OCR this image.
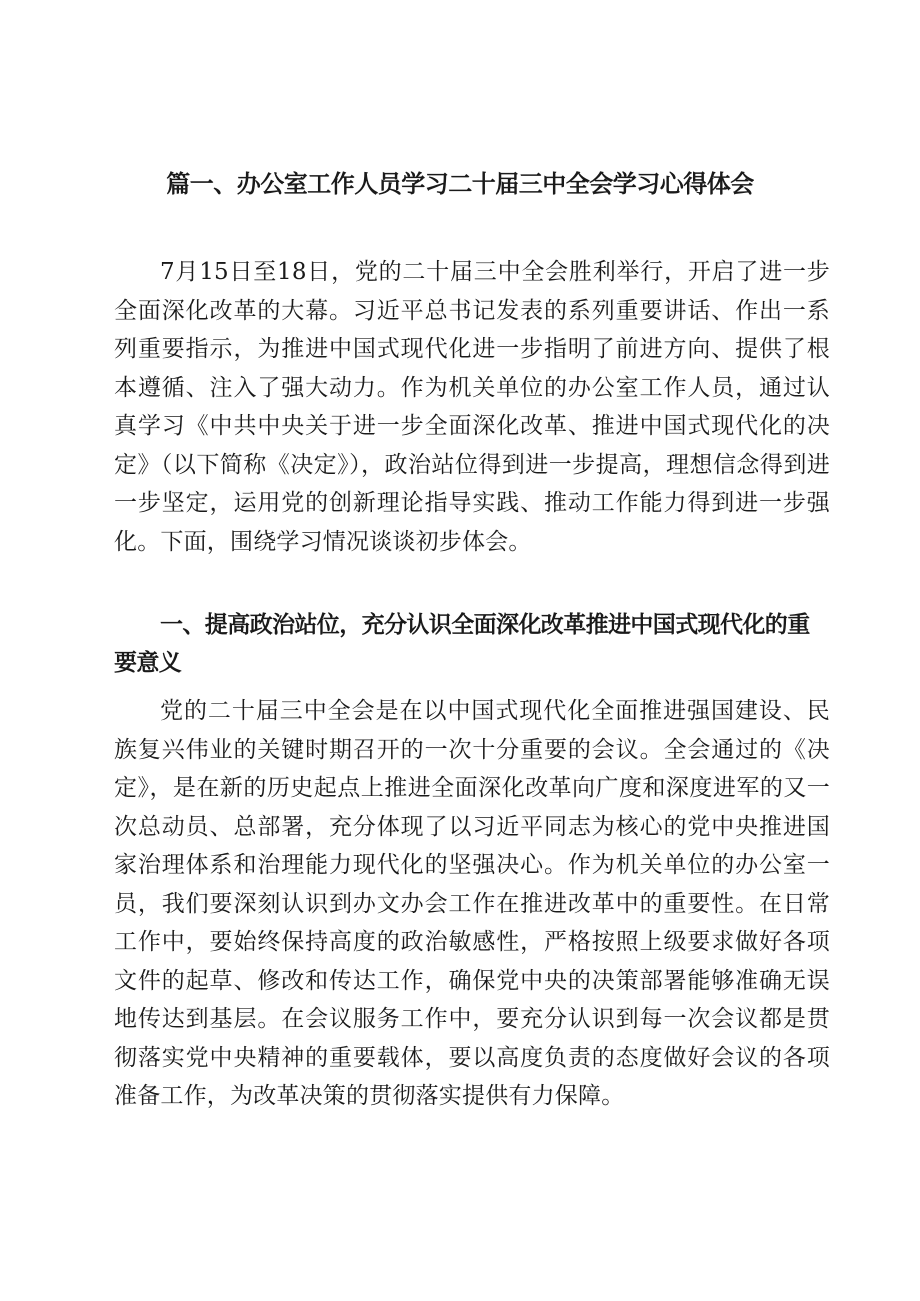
篇一、办公室工作人员学习二十届三中全会学习心得体会

7月15日至18日，党的二十届三中全会胜利举行，开启了进一步全面深化改革的大幕。习近平总书记发表的系列重要讲话、作出一系列重要指示，为推进中国式现代化进一步指明了前进方向、提供了根本遵循、注入了强大动力。作为机关单位的办公室工作人员，通过认真学习《中共中央关于进一步全面深化改革、推进中国式现代化的决定》（以下简称《决定》），政治站位得到进一步提高，理想信念得到进一步坚定，运用党的创新理论指导实践、推动工作能力得到进一步强化。下面，围绕学习情况谈谈初步体会。

一、提高政治站位，充分认识全面深化改革推进中国式现代化的重要意义

党的二十届三中全会是在以中国式现代化全面推进强国建设、民族复兴伟业的关键时期召开的一次十分重要的会议。全会通过的《决定》，是在新的历史起点上推进全面深化改革向广度和深度进军的又一次总动员、总部署，充分体现了以习近平同志为核心的党中央推进国家治理体系和治理能力现代化的坚强决心。作为机关单位的办公室一员，我们要深刻认识到办文办会工作在推进改革中的重要性。在日常工作中，要始终保持高度的政治敏感性，严格按照上级要求做好各项文件的起草、修改和传达工作，确保党中央的决策部署能够准确无误地传达到基层。在会议服务工作中，要充分认识到每一次会议都是贯彻落实党中央精神的重要载体，要以高度负责的态度做好会议的各项准备工作，为改革决策的贯彻落实提供有力保障。
